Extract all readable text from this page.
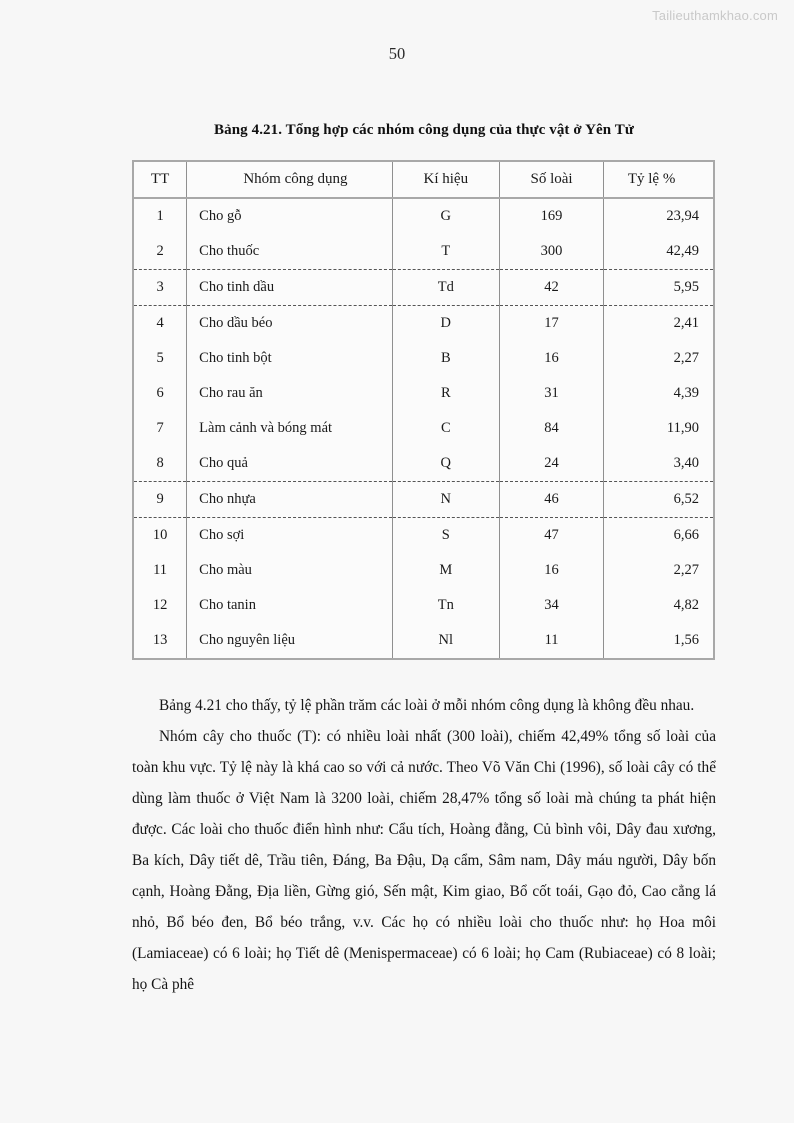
Tailieuthamkhao.com
50
Bảng 4.21. Tổng hợp các nhóm công dụng của thực vật ở Yên Tử
TT	Nhóm công dụng	Kí hiệu	Số loài	Tỷ lệ %
1	Cho gỗ	G	169	23,94
2	Cho thuốc	T	300	42,49
3	Cho tinh dầu	Td	42	5,95
4	Cho dầu béo	D	17	2,41
5	Cho tinh bột	B	16	2,27
6	Cho rau ăn	R	31	4,39
7	Làm cảnh và bóng mát	C	84	11,90
8	Cho quả	Q	24	3,40
9	Cho nhựa	N	46	6,52
10	Cho sợi	S	47	6,66
11	Cho màu	M	16	2,27
12	Cho tanin	Tn	34	4,82
13	Cho nguyên liệu	Nl	11	1,56

Bảng 4.21 cho thấy, tỷ lệ phần trăm các loài ở mỗi nhóm công dụng là không đều nhau.

Nhóm cây cho thuốc (T): có nhiều loài nhất (300 loài), chiếm 42,49% tổng số loài của toàn khu vực. Tỷ lệ này là khá cao so với cả nước. Theo Võ Văn Chi (1996), số loài cây có thể dùng làm thuốc ở Việt Nam là 3200 loài, chiếm 28,47% tổng số loài mà chúng ta phát hiện được. Các loài cho thuốc điển hình như: Cẩu tích, Hoàng đằng, Củ bình vôi, Dây đau xương, Ba kích, Dây tiết dê, Trầu tiên, Đáng, Ba Đậu, Dạ cẩm, Sâm nam, Dây máu người, Dây bốn cạnh, Hoàng Đằng, Địa liền, Gừng gió, Sến mật, Kim giao, Bổ cốt toái, Gạo đỏ, Cao cẳng lá nhỏ, Bổ béo đen, Bổ béo trắng, v.v. Các họ có nhiều loài cho thuốc như: họ Hoa môi (Lamiaceae) có 6 loài; họ Tiết dê (Menispermaceae) có 6 loài; họ Cam (Rubiaceae) có 8 loài; họ Cà phê
